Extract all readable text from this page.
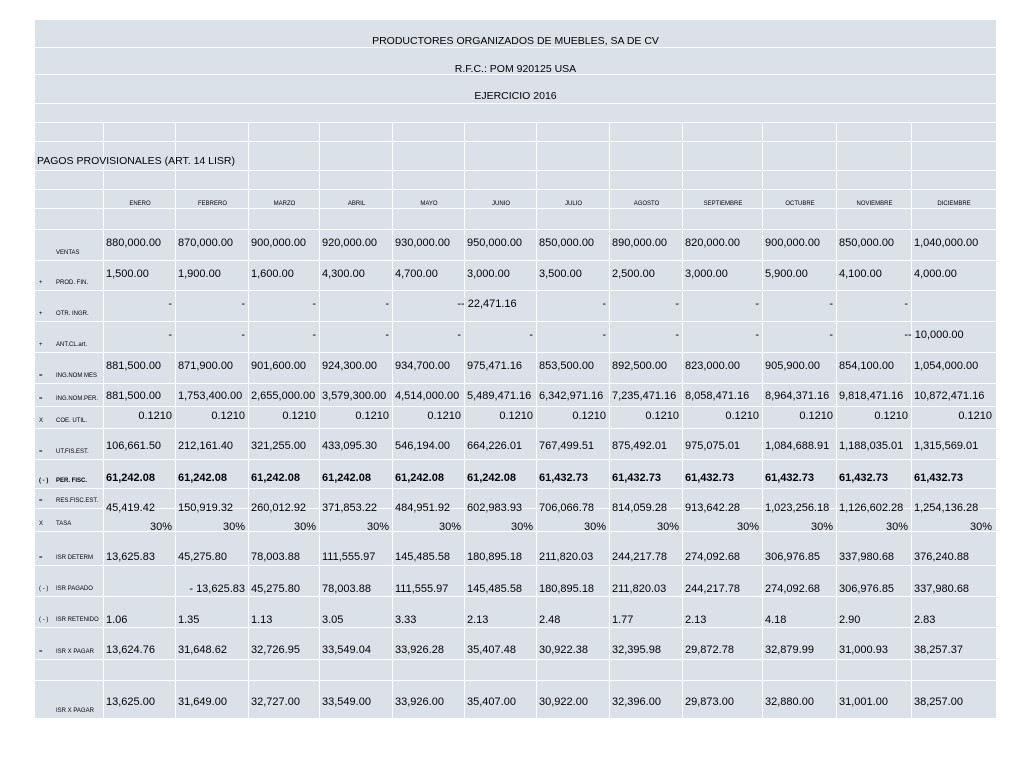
PRODUCTORES ORGANIZADOS DE MUEBLES, SA DE CV
R.F.C.: POM 920125 USA
EJERCICIO 2016
PAGOS PROVISIONALES (ART. 14 LISR)
ENERO	FEBRERO	MARZO	ABRIL	MAYO	JUNIO	JULIO	AGOSTO	SEPTIEMBRE	OCTUBRE	NOVIEMBRE	DICIEMBRE
VENTAS
880,000.00 870,000.00 900,000.00 920,000.00 930,000.00 950,000.00 850,000.00 890,000.00 820,000.00 900,000.00 850,000.00 1,040,000.00
+ PROD. FIN.
1,500.00	1,900.00	1,600.00	4,300.00	4,700.00	3,000.00	3,500.00	2,500.00	3,000.00	5,900.00	4,100.00	4,000.00
+ OTR. INGR.
-	-	-	-	- - 22,471.16	-	-	-	-	-
+ ANT.CL.art.
-	-	-	-	-	-	-	-	-	-	- - 10,000.00
= ING.NOM MES
881,500.00 871,900.00 901,600.00 924,300.00 934,700.00 975,471.16 853,500.00 892,500.00 823,000.00 905,900.00 854,100.00 1,054,000.00
= ING.NOM.PER. 881,500.00 1,753,400.00 2,655,000.00 3,579,300.00 4,514,000.00 5,489,471.16 6,342,971.16 7,235,471.16 8,058,471.16 8,964,371.16 9,818,471.16 10,872,471.16
X COE. UTIL.	0.1210	0.1210	0.1210	0.1210	0.1210	0.1210	0.1210	0.1210	0.1210	0.1210	0.1210	0.1210
= UT.FIS.EST. 106,661.50 212,161.40 321,255.00 433,095.30 546,194.00 664,226.01 767,499.51 875,492.01 975,075.01 1,084,688.91 1,188,035.01 1,315,569.01
( - ) PER. FISC. 61,242.08 61,242.08 61,242.08 61,242.08 61,242.08 61,242.08 61,432.73 61,432.73 61,432.73	61,432.73 61,432.73 61,432.73
= RES.FISC.EST.
45,419.42 150,919.32 260,012.92 371,853.22 484,951.92 602,983.93 706,066.78 814,059.28 913,642.28 1,023,256.18 1,126,602.28 1,254,136.28
X TASA	30%	30%	30%	30%	30%	30%	30%	30%	30%	30%	30%	30%
= ISR DETERM 13,625.83 45,275.80 78,003.88 111,555.97 145,485.58 180,895.18 211,820.03 244,217.78 274,092.68 306,976.85 337,980.68 376,240.88
( - ) ISR PAGADO	- 13,625.83 45,275.80 78,003.88 111,555.97 145,485.58 180,895.18 211,820.03 244,217.78 274,092.68 306,976.85 337,980.68
( - ) ISR RETENIDO 1.06	1.35	1.13	3.05	3.33	2.13	2.48	1.77	2.13	4.18	2.90	2.83
= ISR X PAGAR 13,624.76 31,648.62 32,726.95 33,549.04 33,926.28 35,407.48 30,922.38 32,395.98 29,872.78	32,879.99 31,000.93 38,257.37
ISR X PAGAR
13,625.00 31,649.00 32,727.00 33,549.00 33,926.00 35,407.00 30,922.00 32,396.00 29,873.00	32,880.00 31,001.00 38,257.00
